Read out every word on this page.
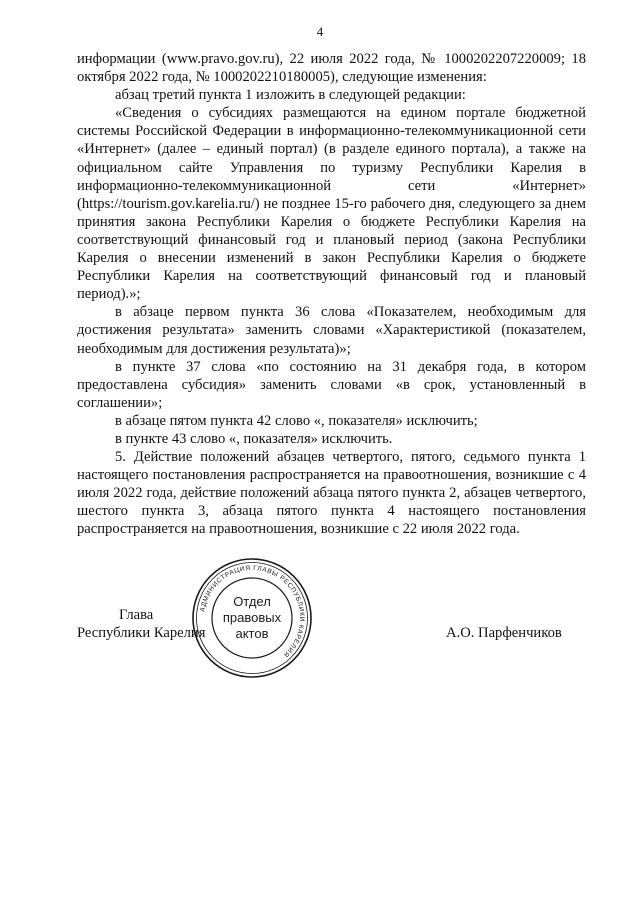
4

информации (www.pravo.gov.ru), 22 июля 2022 года, № 1000202207220009; 18 октября 2022 года, № 1000202210180005), следующие изменения:

абзац третий пункта 1 изложить в следующей редакции:

«Сведения о субсидиях размещаются на едином портале бюджетной системы Российской Федерации в информационно-телекоммуникационной сети «Интернет» (далее – единый портал) (в разделе единого портала), а также на официальном сайте Управления по туризму Республики Карелия в информационно-телекоммуникационной сети «Интернет» (https://tourism.gov.karelia.ru/) не позднее 15-го рабочего дня, следующего за днем принятия закона Республики Карелия о бюджете Республики Карелия на соответствующий финансовый год и плановый период (закона Республики Карелия о внесении изменений в закон Республики Карелия о бюджете Республики Карелия на соответствующий финансовый год и плановый период).»;

в абзаце первом пункта 36 слова «Показателем, необходимым для достижения результата» заменить словами «Характеристикой (показателем, необходимым для достижения результата)»;

в пункте 37 слова «по состоянию на 31 декабря года, в котором предоставлена субсидия» заменить словами «в срок, установленный в соглашении»;

в абзаце пятом пункта 42 слово «, показателя» исключить;

в пункте 43 слово «, показателя» исключить.

5. Действие положений абзацев четвертого, пятого, седьмого пункта 1 настоящего постановления распространяется на правоотношения, возникшие с 4 июля 2022 года, действие положений абзаца пятого пункта 2, абзацев четвертого, шестого пункта 3, абзаца пятого пункта 4 настоящего постановления распространяется на правоотношения, возникшие с 22 июля 2022 года.

Глава
Республики Карелия	А.О. Парфенчиков
АДМИНИСТРАЦИЯ ГЛАВЫ РЕСПУБЛИКИ КАРЕЛИЯ
Отдел
правовых
актов
